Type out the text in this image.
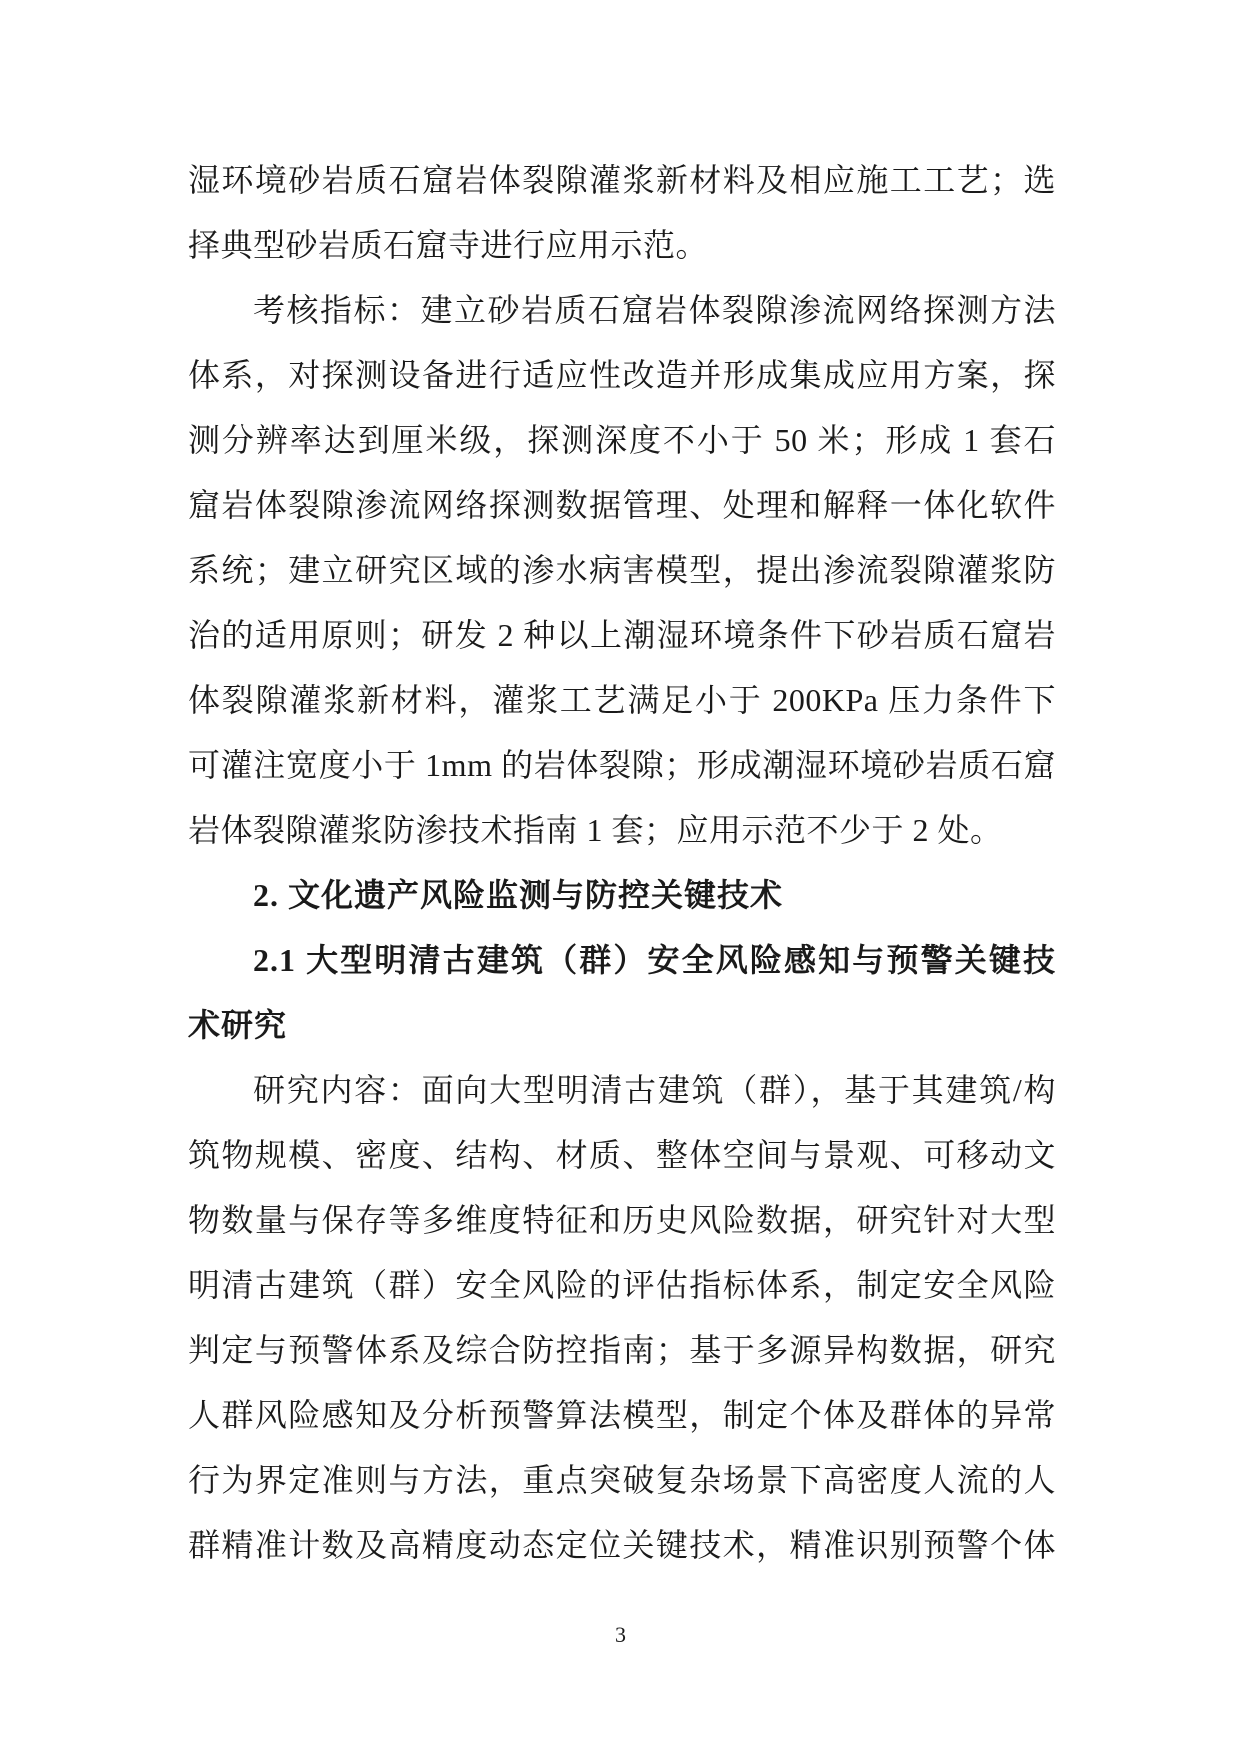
湿环境砂岩质石窟岩体裂隙灌浆新材料及相应施工工艺；选
择典型砂岩质石窟寺进行应用示范。
考核指标：建立砂岩质石窟岩体裂隙渗流网络探测方法
体系，对探测设备进行适应性改造并形成集成应用方案，探
测分辨率达到厘米级，探测深度不小于 50 米；形成 1 套石
窟岩体裂隙渗流网络探测数据管理、处理和解释一体化软件
系统；建立研究区域的渗水病害模型，提出渗流裂隙灌浆防
治的适用原则；研发 2 种以上潮湿环境条件下砂岩质石窟岩
体裂隙灌浆新材料，灌浆工艺满足小于 200KPa 压力条件下
可灌注宽度小于 1mm 的岩体裂隙；形成潮湿环境砂岩质石窟
岩体裂隙灌浆防渗技术指南 1 套；应用示范不少于 2 处。
2. 文化遗产风险监测与防控关键技术
2.1 大型明清古建筑（群）安全风险感知与预警关键技
术研究
研究内容：面向大型明清古建筑（群），基于其建筑/构
筑物规模、密度、结构、材质、整体空间与景观、可移动文
物数量与保存等多维度特征和历史风险数据，研究针对大型
明清古建筑（群）安全风险的评估指标体系，制定安全风险
判定与预警体系及综合防控指南；基于多源异构数据，研究
人群风险感知及分析预警算法模型，制定个体及群体的异常
行为界定准则与方法，重点突破复杂场景下高密度人流的人
群精准计数及高精度动态定位关键技术，精准识别预警个体
3
